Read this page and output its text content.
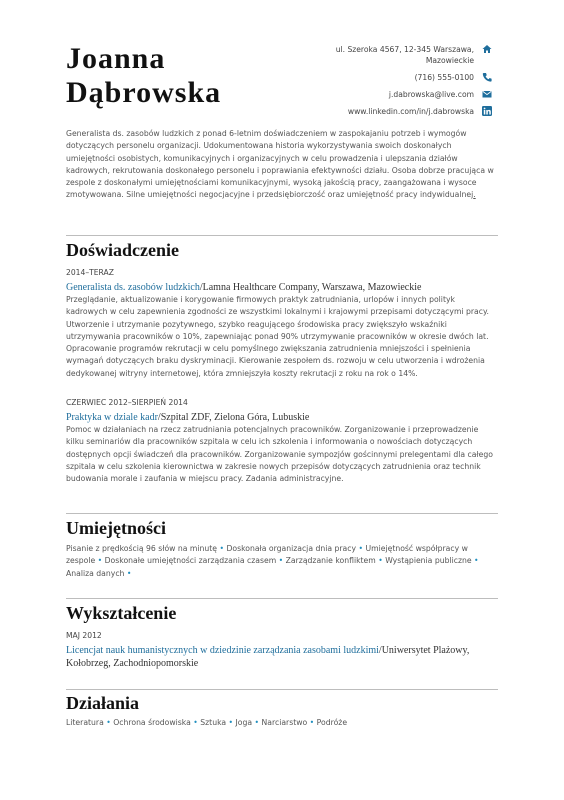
Joanna
Dąbrowska
ul. Szeroka 4567, 12-345 Warszawa,
Mazowieckie
(716) 555-0100
j.dabrowska@live.com
www.linkedin.com/in/j.dabrowska
Generalista ds. zasobów ludzkich z ponad 6-letnim doświadczeniem w zaspokajaniu potrzeb i wymogów dotyczących personelu organizacji. Udokumentowana historia wykorzystywania swoich doskonałych umiejętności osobistych, komunikacyjnych i organizacyjnych w celu prowadzenia i ulepszania działów kadrowych, rekrutowania doskonałego personelu i poprawiania efektywności działu. Osoba dobrze pracująca w zespole z doskonałymi umiejętnościami komunikacyjnymi, wysoką jakością pracy, zaangażowana i wysoce zmotywowana. Silne umiejętności negocjacyjne i przedsiębiorczość oraz umiejętność pracy indywidualnej.
Doświadczenie
2014–TERAZ
Generalista ds. zasobów ludzkich/Lamna Healthcare Company, Warszawa, Mazowieckie
Przeglądanie, aktualizowanie i korygowanie firmowych praktyk zatrudniania, urlopów i innych polityk kadrowych w celu zapewnienia zgodności ze wszystkimi lokalnymi i krajowymi przepisami dotyczącymi pracy. Utworzenie i utrzymanie pozytywnego, szybko reagującego środowiska pracy zwiększyło wskaźniki utrzymywania pracowników o 10%, zapewniając ponad 90% utrzymywanie pracowników w okresie dwóch lat. Opracowanie programów rekrutacji w celu pomyślnego zwiększania zatrudnienia mniejszości i spełnienia wymagań dotyczących braku dyskryminacji. Kierowanie zespołem ds. rozwoju w celu utworzenia i wdrożenia dedykowanej witryny internetowej, która zmniejszyła koszty rekrutacji z roku na rok o 14%.
CZERWIEC 2012–SIERPIEŃ 2014
Praktyka w dziale kadr/Szpital ZDF, Zielona Góra, Lubuskie
Pomoc w działaniach na rzecz zatrudniania potencjalnych pracowników. Zorganizowanie i przeprowadzenie kilku seminariów dla pracowników szpitala w celu ich szkolenia i informowania o nowościach dotyczących dostępnych opcji świadczeń dla pracowników. Zorganizowanie sympozjów gościnnymi prelegentami dla całego szpitala w celu szkolenia kierownictwa w zakresie nowych przepisów dotyczących zatrudnienia oraz technik budowania morale i zaufania w miejscu pracy. Zadania administracyjne.
Umiejętności
Pisanie z prędkością 96 słów na minutę • Doskonała organizacja dnia pracy • Umiejętność współpracy w zespole • Doskonałe umiejętności zarządzania czasem • Zarządzanie konfliktem • Wystąpienia publiczne • Analiza danych •
Wykształcenie
MAJ 2012
Licencjat nauk humanistycznych w dziedzinie zarządzania zasobami ludzkimi/Uniwersytet Plażowy, Kołobrzeg, Zachodniopomorskie
Działania
Literatura • Ochrona środowiska • Sztuka • Joga • Narciarstwo • Podróże
